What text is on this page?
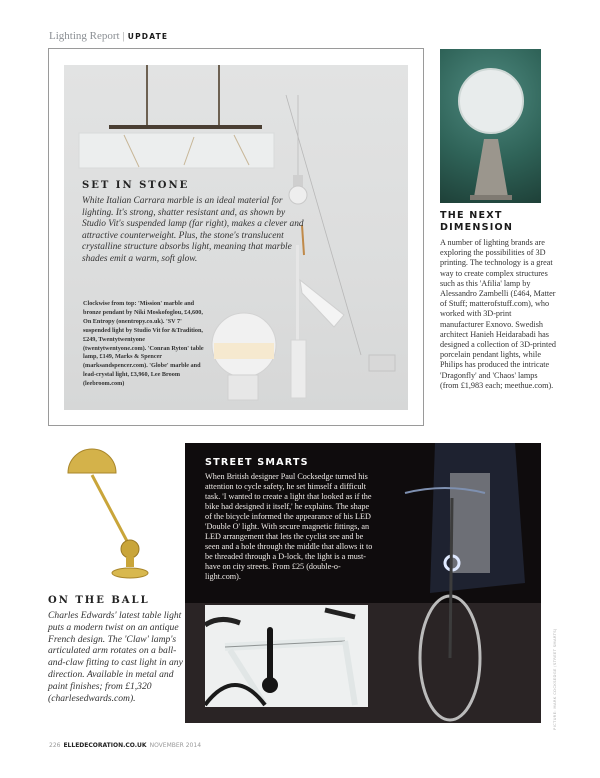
Lighting Report | UPDATE
SET IN STONE
White Italian Carrara marble is an ideal material for lighting. It's strong, shatter resistant and, as shown by Studio Vit's suspended lamp (far right), makes a clever and attractive counterweight. Plus, the stone's translucent crystalline structure absorbs light, meaning that marble shades emit a warm, soft glow.
Clockwise from top: 'Mission' marble and bronze pendant by Niki Moskofoglou, £4,600, On Entropy (onentropy.co.uk). 'SV 7' suspended light by Studio Vit for &Tradition, £249, Twentytwentyone (twentytwentyone.com). 'Conran Ryton' table lamp, £149, Marks & Spencer (marksandspencer.com). 'Globe' marble and lead-crystal light, £3,960, Lee Broom (leebroom.com)
THE NEXT
DIMENSION
A number of lighting brands are exploring the possibilities of 3D printing. The technology is a great way to create complex structures such as this 'Afilia' lamp by Alessandro Zambelli (£464, Matter of Stuff; matterofstuff.com), who worked with 3D-print manufacturer Exnovo. Swedish architect Hanieh Heidarabadi has designed a collection of 3D-printed porcelain pendant lights, while Philips has produced the intricate 'Dragonfly' and 'Chaos' lamps (from £1,983 each; meethue.com).
ON THE BALL
Charles Edwards' latest table light puts a modern twist on an antique French design. The 'Claw' lamp's articulated arm rotates on a ball-and-claw fitting to cast light in any direction. Available in metal and paint finishes; from £1,320 (charlesedwards.com).
STREET SMARTS
When British designer Paul Cocksedge turned his attention to cycle safety, he set himself a difficult task. 'I wanted to create a light that looked as if the bike had designed it itself,' he explains. The shape of the bicycle informed the appearance of his LED 'Double O' light. With secure magnetic fittings, an LED arrangement that lets the cyclist see and be seen and a hole through the middle that allows it to be threaded through a D-lock, the light is a must-have on city streets. From £25 (double-o-light.com).
PICTURE: MARK COCKSEDGE (STREET SMARTS)
226 ELLEDECORATION.CO.UK NOVEMBER 2014
